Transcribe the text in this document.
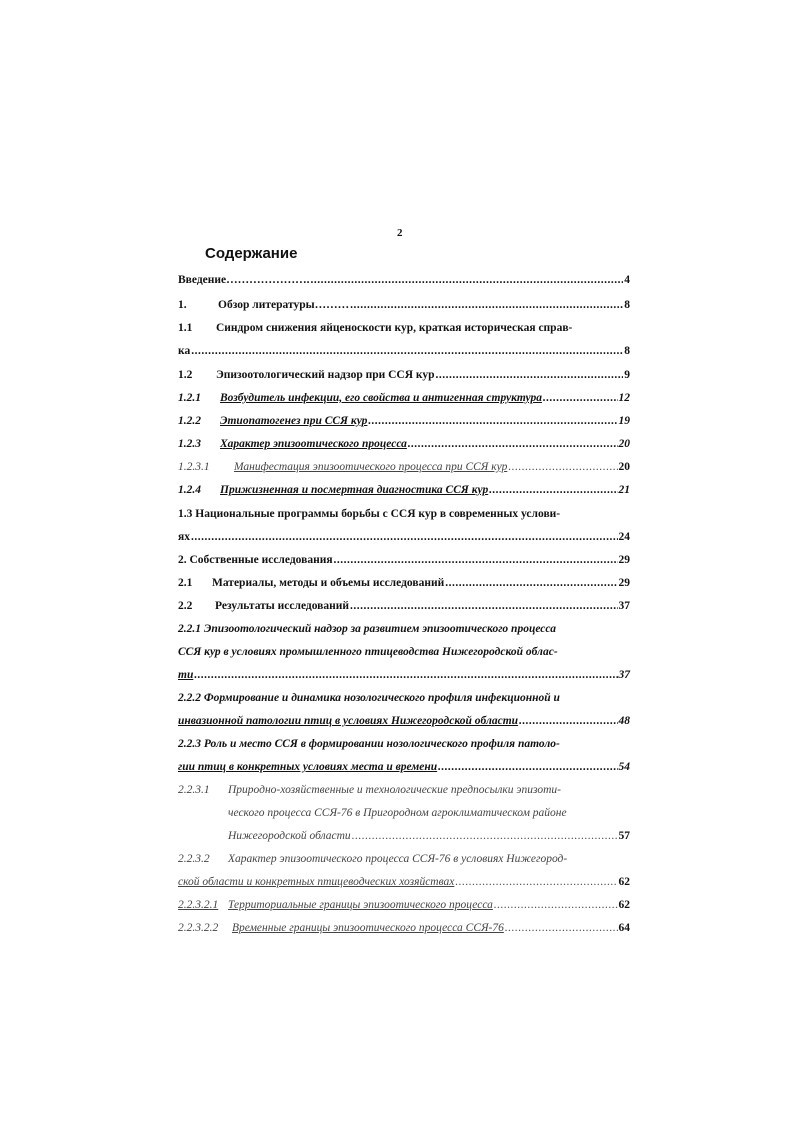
2
Содержание
Введение…………………. .....	4
1.	Обзор литературы……… .....	8
1.1	Синдром снижения яйценоскости кур, краткая историческая справ-
ка .....	8
1.2	Эпизоотологический надзор при ССЯ кур .....	9
1.2.1	Возбудитель инфекции, его свойства и антигенная структура .....	12
1.2.2	Этиопатогенез при ССЯ кур .....	19
1.2.3	Характер эпизоотического процесса .....	20
1.2.3.1	Манифестация эпизоотического процесса при ССЯ кур .....	20
1.2.4	Прижизненная и посмертная диагностика ССЯ кур .....	21
1.3 Национальные программы борьбы с ССЯ кур в современных услови-
ях .....	24
2. Собственные исследования .....	29
2.1	Материалы, методы и объемы исследований .....	29
2.2	Результаты исследований .....	37
2.2.1 Эпизоотологический надзор за развитием эпизоотического процесса
ССЯ кур в условиях промышленного птицеводства Нижегородской облас-
ти .....	37
2.2.2 Формирование и динамика нозологического профиля инфекционной и
инвазионной патологии птиц в условиях Нижегородской области .....	48
2.2.3 Роль и место ССЯ в формировании нозологического профиля патоло-
гии птиц в конкретных условиях места и времени .....	54
2.2.3.1	Природно-хозяйственные и технологические предпосылки эпизоти-
ческого процесса ССЯ-76 в Пригородном агроклиматическом районе
Нижегородской области .....	57
2.2.3.2	Характер эпизоотического процесса ССЯ-76 в условиях Нижегород-
ской области и конкретных птицеводческих хозяйствах .....	62
2.2.3.2.1 Территориальные границы эпизоотического процесса .....	62
2.2.3.2.2	Временные границы эпизоотического процесса ССЯ-76 .....	64
